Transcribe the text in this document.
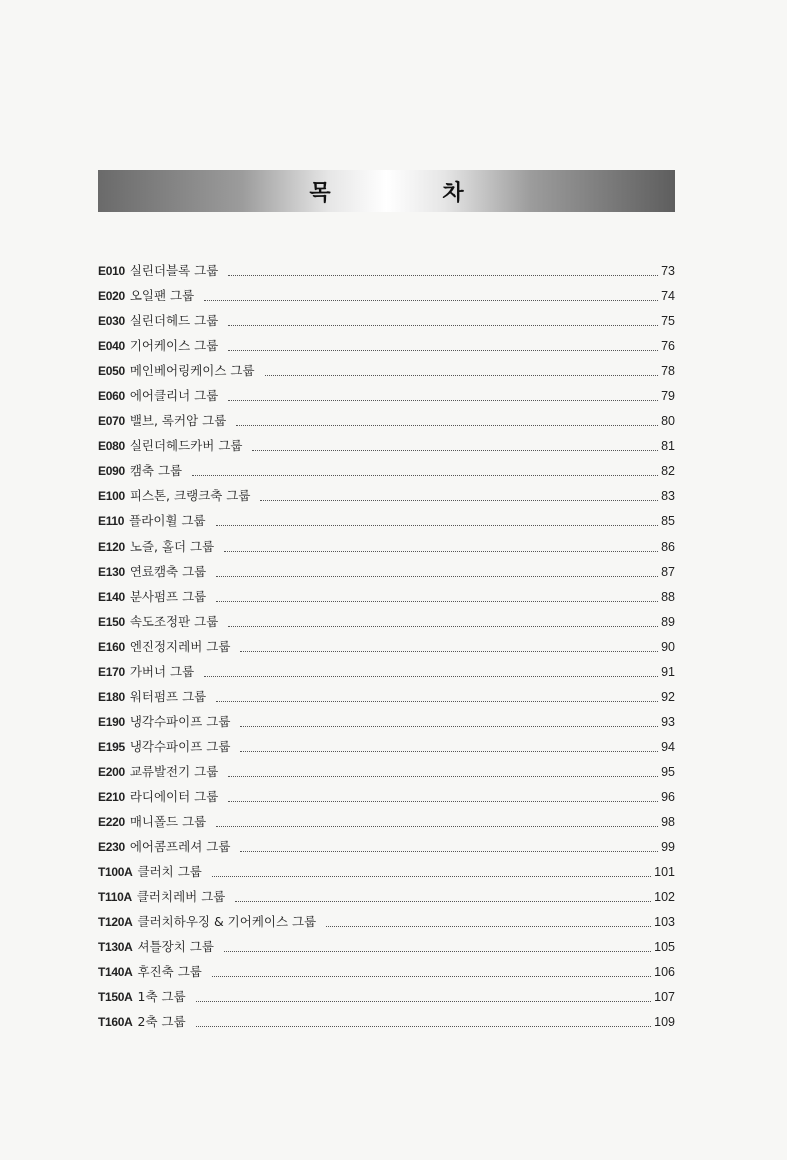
목 차
E010 실린더블록 그룹	73
E020 오일팬 그룹	74
E030 실린더헤드 그룹	75
E040 기어케이스 그룹	76
E050 메인베어링케이스 그룹	78
E060 에어클리너 그룹	79
E070 밸브, 록커암 그룹	80
E080 실린더헤드카버 그룹	81
E090 캠축 그룹	82
E100 피스톤, 크랭크축 그룹	83
E110 플라이휠 그룹	85
E120 노즐, 홀더 그룹	86
E130 연료캠축 그룹	87
E140 분사펌프 그룹	88
E150 속도조정판 그룹	89
E160 엔진정지레버 그룹	90
E170 가버너 그룹	91
E180 워터펌프 그룹	92
E190 냉각수파이프 그룹	93
E195 냉각수파이프 그룹	94
E200 교류발전기 그룹	95
E210 라디에이터 그룹	96
E220 매니폴드 그룹	98
E230 에어콤프레셔 그룹	99
T100A 클러치 그룹	101
T110A 클러치레버 그룹	102
T120A 클러치하우징 & 기어케이스 그룹	103
T130A 셔틀장치 그룹	105
T140A 후진축 그룹	106
T150A 1축 그룹	107
T160A 2축 그룹	109
